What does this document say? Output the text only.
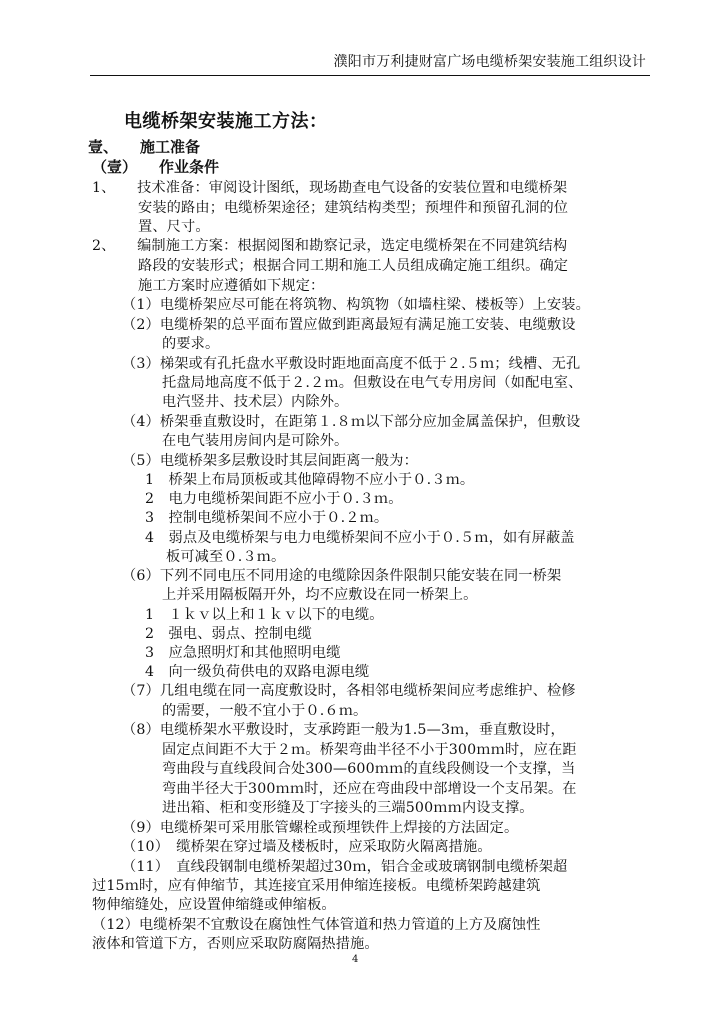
濮阳市万利捷财富广场电缆桥架安装施工组织设计
电缆桥架安装施工方法：
壹、 施工准备
（壹） 作业条件
1、　　技术准备：审阅设计图纸，现场勘查电气设备的安装位置和电缆桥架
安装的路由；电缆桥架途径；建筑结构类型；预埋件和预留孔洞的位
置、尺寸。
2、　　编制施工方案：根据阅图和勘察记录，选定电缆桥架在不同建筑结构
路段的安装形式；根据合同工期和施工人员组成确定施工组织。确定
施工方案时应遵循如下规定：
（1）电缆桥架应尽可能在将筑物、构筑物（如墙柱梁、楼板等）上安装。
（2）电缆桥架的总平面布置应做到距离最短有满足施工安装、电缆敷设
的要求。
（3）梯架或有孔托盘水平敷设时距地面高度不低于２.５ｍ；线槽、无孔
托盘局地高度不低于２.２ｍ。但敷设在电气专用房间（如配电室、
电汽竖井、技术层）内除外。
（4）桥架垂直敷设时，在距第１.８ｍ以下部分应加金属盖保护，但敷设
在电气装用房间内是可除外。
（5）电缆桥架多层敷设时其层间距离一般为：
1　桥架上布局顶板或其他障碍物不应小于０.３ｍ。
2　电力电缆桥架间距不应小于０.３ｍ。
3　控制电缆桥架间不应小于０.２ｍ。
4　弱点及电缆桥架与电力电缆桥架间不应小于０.５ｍ，如有屏蔽盖
板可减至０.３ｍ。
（6）下列不同电压不同用途的电缆除因条件限制只能安装在同一桥架
上并采用隔板隔开外，均不应敷设在同一桥架上。
1　１ｋｖ以上和１ｋｖ以下的电缆。
2　强电、弱点、控制电缆
3　应急照明灯和其他照明电缆
4　向一级负荷供电的双路电源电缆
（7）几组电缆在同一高度敷设时，各相邻电缆桥架间应考虑维护、检修
的需要，一般不宜小于０.６ｍ。
（8）电缆桥架水平敷设时，支承跨距一般为1.5—3ｍ，垂直敷设时，
固定点间距不大于２ｍ。桥架弯曲半径不小于300ｍｍ时，应在距
弯曲段与直线段间合处300—600ｍｍ的直线段侧设一个支撑，当
弯曲半径大于300ｍｍ时，还应在弯曲段中部增设一个支吊架。在
进出箱、柜和变形缝及丁字接头的三端500ｍｍ内设支撑。
（9）电缆桥架可采用胀管螺栓或预埋铁件上焊接的方法固定。
（10）　缆桥架在穿过墙及楼板时，应采取防火隔离措施。
（11）　直线段钢制电缆桥架超过30ｍ，铝合金或玻璃钢制电缆桥架超
过15ｍ时，应有伸缩节，其连接宜采用伸缩连接板。电缆桥架跨越建筑
物伸缩缝处，应设置伸缩缝或伸缩板。
（12）电缆桥架不宜敷设在腐蚀性气体管道和热力管道的上方及腐蚀性
液体和管道下方，否则应采取防腐隔热措施。
4
